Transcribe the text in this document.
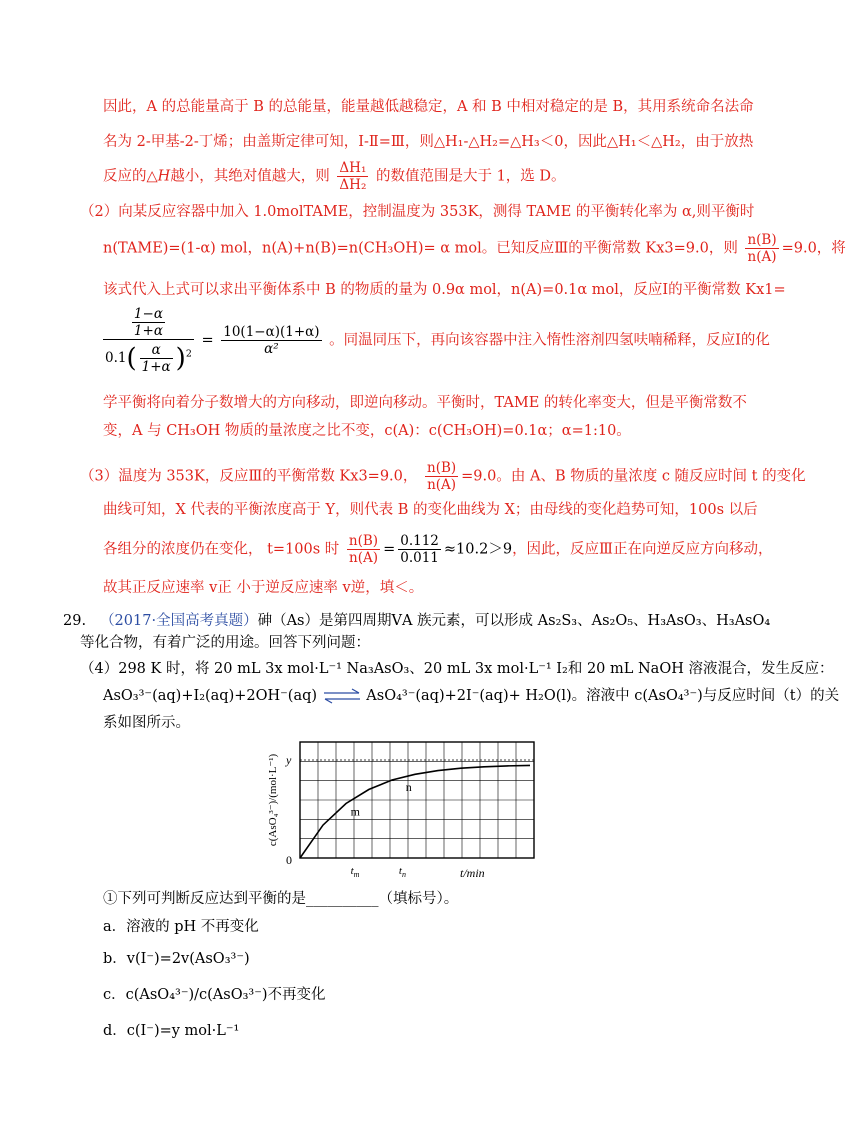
因此，A 的总能量高于 B 的总能量，能量越低越稳定，A 和 B 中相对稳定的是 B，其用系统命名法命
名为 2-甲基-2-丁烯；由盖斯定律可知，Ⅰ-Ⅱ=Ⅲ，则△H₁-△H₂=△H₃＜0，因此△H₁＜△H₂，由于放热
反应的△H越小，其绝对值越大，则 $\frac{\text{ΔH₁}}{\text{ΔH₂}}$ 的数值范围是大于 1，选 D。
（2）向某反应容器中加入 1.0molTAME，控制温度为 353K，测得 TAME 的平衡转化率为 α,则平衡时
n(TAME)=(1-α) mol，n(A)+n(B)=n(CH₃OH)= α mol。已知反应Ⅲ的平衡常数 Kx3=9.0，则 $\frac{n(B)}{n(A)} =9.0$，将
该式代入上式可以求出平衡体系中 B 的物质的量为 0.9α mol，n(A)=0.1α mol，反应Ⅰ的平衡常数 Kx1=
$\frac{\frac{1-\alpha}{1+\alpha}}{0.1( \frac{\alpha}{1+\alpha} )^2} = \frac{10(1-\alpha)(1+\alpha)}{\text{α²}}$ 。同温同压下，再向该容器中注入惰性溶剂四氢呋喃稀释，反应Ⅰ的化
学平衡将向着分子数增大的方向移动，即逆向移动。平衡时，TAME 的转化率变大，但是平衡常数不
变，A 与 CH₃OH 物质的量浓度之比不变，c(A)：c(CH₃OH)=0.1α；α=1:10。
（3）温度为 353K，反应Ⅲ的平衡常数 Kx3=9.0， $\frac{n(B)}{n(A)} =9.0$。由 A、B 物质的量浓度 c 随反应时间 t 的变化
曲线可知，X 代表的平衡浓度高于 Y，则代表 B 的变化曲线为 X；由母线的变化趋势可知，100s 以后
各组分的浓度仍在变化， t=100s 时 $\frac{n(B)}{n(A)} = \frac{0.112}{0.011} \approx 10.2>9$，因此，反应Ⅲ正在向逆反应方向移动，
故其正反应速率 v正 小于逆反应速率 v逆，填＜。
29. （2017·全国高考真题）砷（As）是第四周期ⅤA 族元素，可以形成 As₂S₃、As₂O₅、H₃AsO₃、H₃AsO₄
等化合物，有着广泛的用途。回答下列问题：
（4）298 K 时，将 20 mL 3x mol·L⁻¹ Na₃AsO₃、20 mL 3x mol·L⁻¹ I₂和 20 mL NaOH 溶液混合，发生反应：
AsO₃³⁻(aq)+I₂(aq)+2OH⁻(aq) ⇌ AsO₄³⁻(aq)+2I⁻(aq)+ H₂O(l)。溶液中 c(AsO₄³⁻)与反应时间（t）的关
系如图所示。
c(AsO₄³⁻)/(mol·L⁻¹) y
0
t/min
$t_m$	$t_n$
m
n
①下列可判断反应达到平衡的是__________（填标号）。
a．溶液的 pH 不再变化
b．v(I⁻)=2v(AsO₃³⁻)
c．c(AsO₄³⁻)/c(AsO₃³⁻)不再变化
d．c(I⁻)=y mol·L⁻¹
